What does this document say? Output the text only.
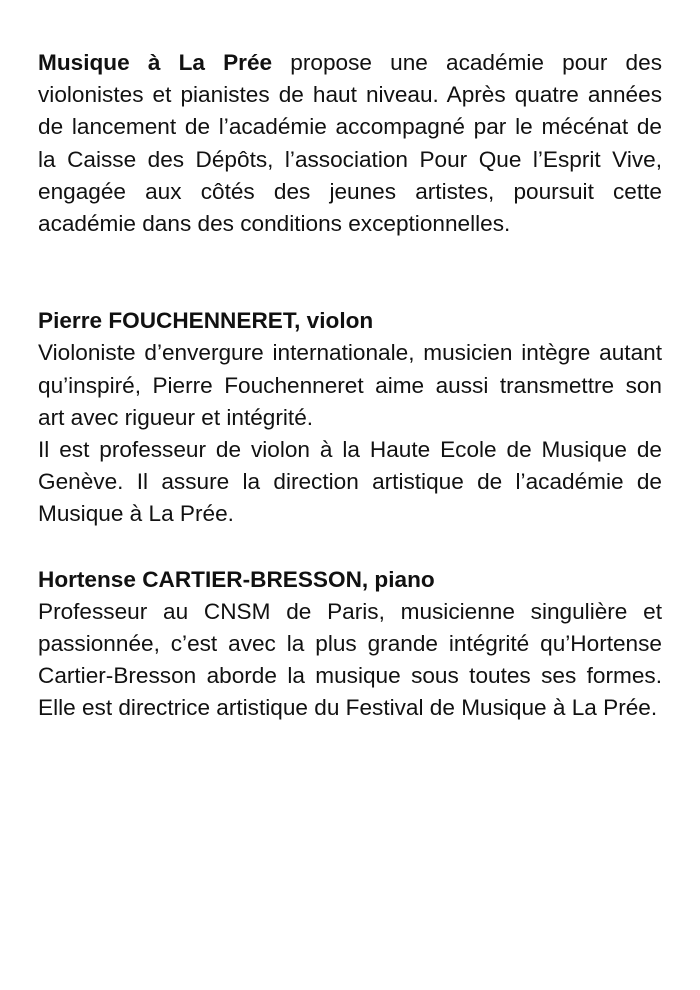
Musique à La Prée propose une académie pour des violonistes et pianistes de haut niveau. Après quatre années de lancement de l’académie accompagné par le mécénat de la Caisse des Dépôts, l’association Pour Que l’Esprit Vive, engagée aux côtés des jeunes artistes, poursuit cette académie dans des conditions exceptionnelles.

Pierre FOUCHENNERET, violon

Violoniste d’envergure internationale, musicien intègre autant qu’inspiré, Pierre Fouchenneret aime aussi transmettre son art avec rigueur et intégrité.

Il est professeur de violon à la Haute Ecole de Musique de Genève. Il assure la direction artistique de l’académie de Musique à La Prée.

Hortense CARTIER-BRESSON, piano

Professeur au CNSM de Paris, musicienne singulière et passionnée, c’est avec la plus grande intégrité qu’Hortense Cartier-Bresson aborde la musique sous toutes ses formes. Elle est directrice artistique du Festival de Musique à La Prée.
